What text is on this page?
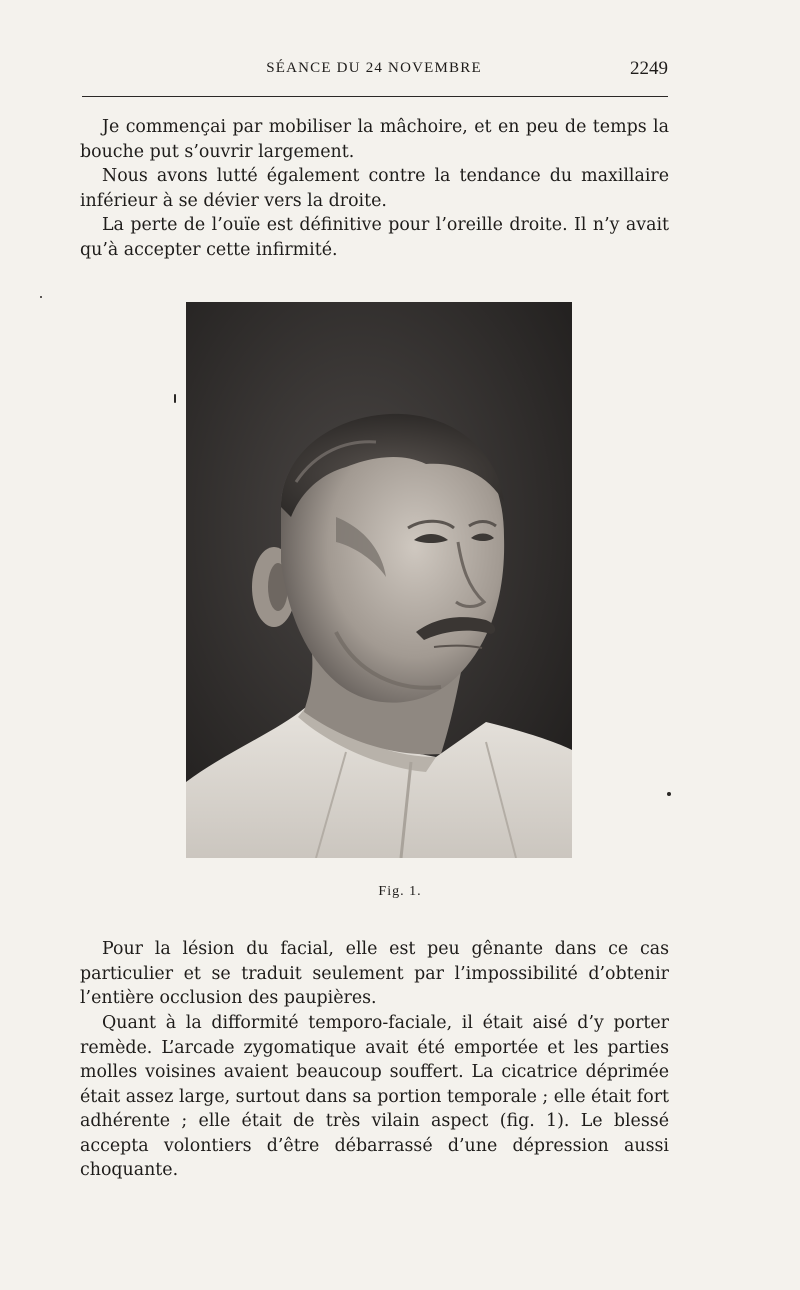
SÉANCE DU 24 NOVEMBRE	2249

Je commençai par mobiliser la mâchoire, et en peu de temps la bouche put s’ouvrir largement.

Nous avons lutté également contre la tendance du maxillaire inférieur à se dévier vers la droite.

La perte de l’ouïe est définitive pour l’oreille droite. Il n’y avait qu’à accepter cette infirmité.

Fig. 1.

Pour la lésion du facial, elle est peu gênante dans ce cas particulier et se traduit seulement par l’impossibilité d’obtenir l’entière occlusion des paupières.

Quant à la difformité temporo-faciale, il était aisé d’y porter remède. L’arcade zygomatique avait été emportée et les parties molles voisines avaient beaucoup souffert. La cicatrice déprimée était assez large, surtout dans sa portion temporale ; elle était fort adhérente ; elle était de très vilain aspect (fig. 1). Le blessé accepta volontiers d’être débarrassé d’une dépression aussi choquante.
